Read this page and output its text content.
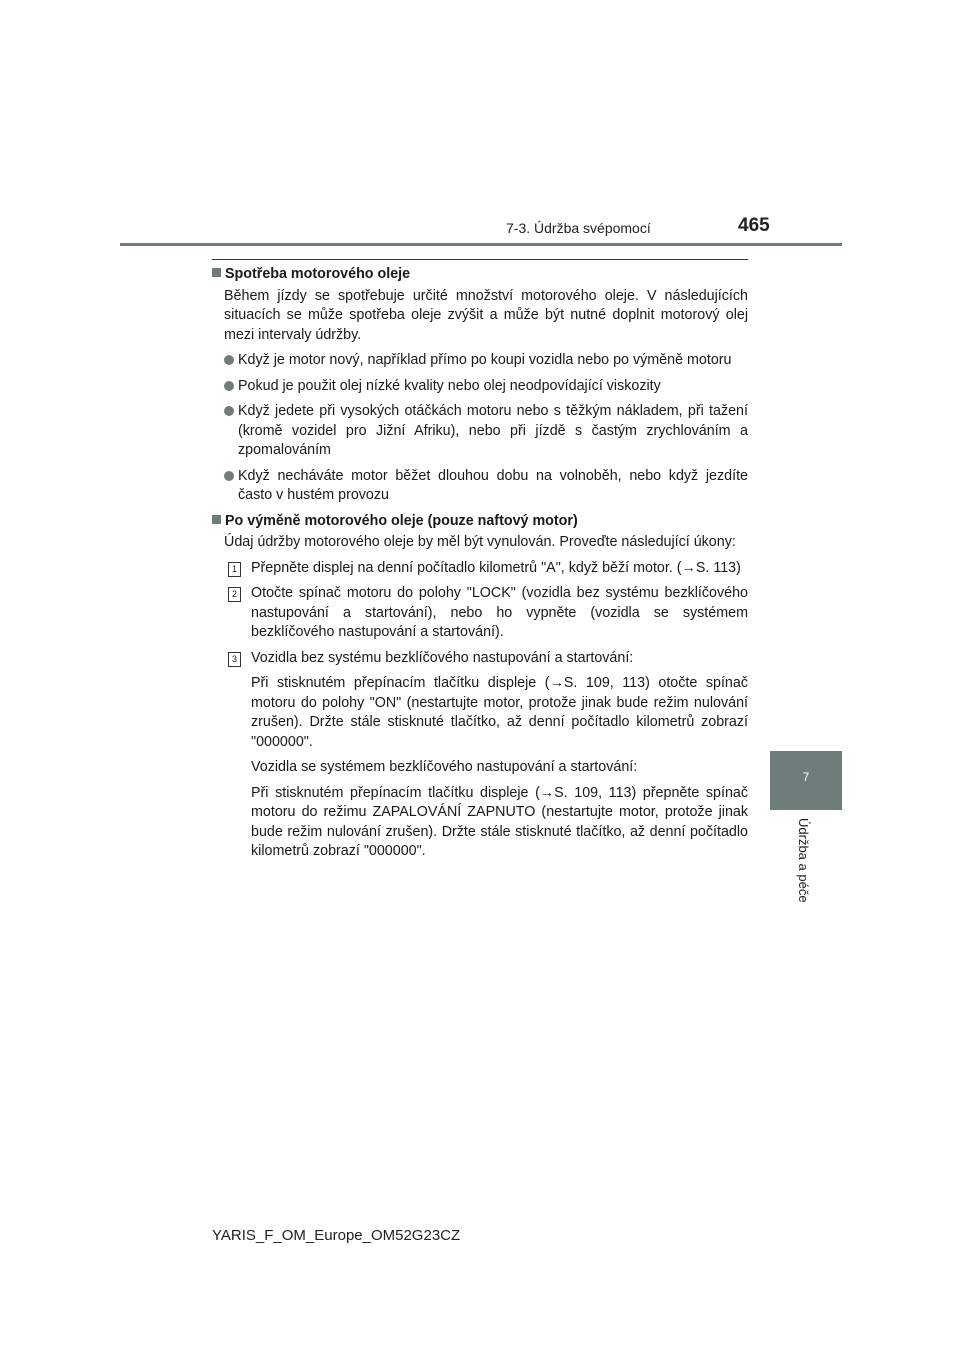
7-3. Údržba svépomocí	465
7
Údržba a péče
Spotřeba motorového oleje

Během jízdy se spotřebuje určité množství motorového oleje. V následujících situacích se může spotřeba oleje zvýšit a může být nutné doplnit motorový olej mezi intervaly údržby.

Když je motor nový, například přímo po koupi vozidla nebo po výměně motoru
Pokud je použit olej nízké kvality nebo olej neodpovídající viskozity
Když jedete při vysokých otáčkách motoru nebo s těžkým nákladem, při tažení (kromě vozidel pro Jižní Afriku), nebo při jízdě s častým zrychlováním a zpomalováním
Když necháváte motor běžet dlouhou dobu na volnoběh, nebo když jezdíte často v hustém provozu
Po výměně motorového oleje (pouze naftový motor)

Údaj údržby motorového oleje by měl být vynulován. Proveďte následující úkony:

1 Přepněte displej na denní počítadlo kilometrů "A", když běží motor. (→S. 113)

2 Otočte spínač motoru do polohy "LOCK" (vozidla bez systému bezklíčového nastupování a startování), nebo ho vypněte (vozidla se systémem bezklíčového nastupování a startování).

3 Vozidla bez systému bezklíčového nastupování a startování:

Při stisknutém přepínacím tlačítku displeje (→S. 109, 113) otočte spínač motoru do polohy "ON" (nestartujte motor, protože jinak bude režim nulování zrušen). Držte stále stisknuté tlačítko, až denní počítadlo kilometrů zobrazí "000000".

Vozidla se systémem bezklíčového nastupování a startování:

Při stisknutém přepínacím tlačítku displeje (→S. 109, 113) přepněte spínač motoru do režimu ZAPALOVÁNÍ ZAPNUTO (nestartujte motor, protože jinak bude režim nulování zrušen). Držte stále stisknuté tlačítko, až denní počítadlo kilometrů zobrazí "000000".

YARIS_F_OM_Europe_OM52G23CZ
